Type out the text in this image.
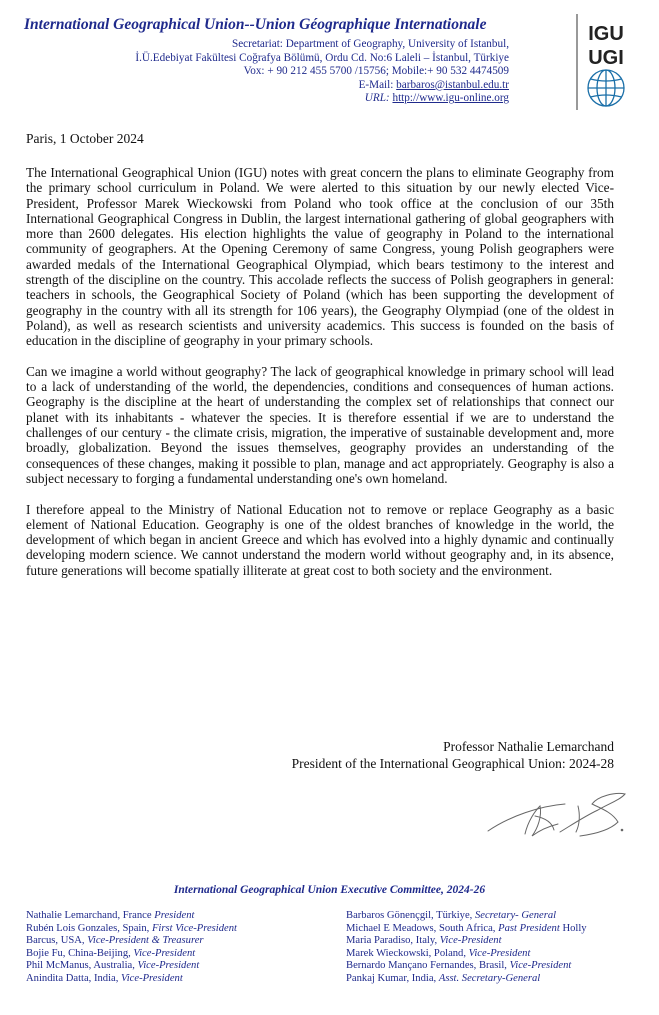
International Geographical Union--Union Géographique Internationale
Secretariat: Department of Geography, University of Istanbul,
İ.Ü.Edebiyat Fakültesi Coğrafya Bölümü, Ordu Cd. No:6 Laleli – İstanbul, Türkiye
Vox: + 90 212 455 5700 /15756; Mobile:+ 90 532 4474509
E-Mail: barbaros@istanbul.edu.tr
URL: http://www.igu-online.org
IGU
UGI
Paris, 1 October 2024

The International Geographical Union (IGU) notes with great concern the plans to eliminate Geography from the primary school curriculum in Poland. We were alerted to this situation by our newly elected Vice-President, Professor Marek Wieckowski from Poland who took office at the conclusion of our 35th International Geographical Congress in Dublin, the largest international gathering of global geographers with more than 2600 delegates. His election highlights the value of geography in Poland to the international community of geographers. At the Opening Ceremony of same Congress, young Polish geographers were awarded medals of the International Geographical Olympiad, which bears testimony to the interest and strength of the discipline on the country. This accolade reflects the success of Polish geographers in general: teachers in schools, the Geographical Society of Poland (which has been supporting the development of geography in the country with all its strength for 106 years), the Geography Olympiad (one of the oldest in Poland), as well as research scientists and university academics. This success is founded on the basis of education in the discipline of geography in your primary schools.

Can we imagine a world without geography? The lack of geographical knowledge in primary school will lead to a lack of understanding of the world, the dependencies, conditions and consequences of human actions. Geography is the discipline at the heart of understanding the complex set of relationships that connect our planet with its inhabitants - whatever the species. It is therefore essential if we are to understand the challenges of our century - the climate crisis, migration, the imperative of sustainable development and, more broadly, globalization. Beyond the issues themselves, geography provides an understanding of the consequences of these changes, making it possible to plan, manage and act appropriately. Geography is also a subject necessary to forging a fundamental understanding one's own homeland.

I therefore appeal to the Ministry of National Education not to remove or replace Geography as a basic element of National Education. Geography is one of the oldest branches of knowledge in the world, the development of which began in ancient Greece and which has evolved into a highly dynamic and continually developing modern science. We cannot understand the modern world without geography and, in its absence, future generations will become spatially illiterate at great cost to both society and the environment.

Professor Nathalie Lemarchand
President of the International Geographical Union: 2024-28
International Geographical Union Executive Committee, 2024-26
Nathalie Lemarchand, France President
Rubén Lois Gonzales, Spain, First Vice-President
Barcus, USA, Vice-President & Treasurer
Bojie Fu, China-Beijing, Vice-President
Phil McManus, Australia, Vice-President
Anindita Datta, India, Vice-President
Barbaros Gönençgil, Türkiye, Secretary- General
Michael E Meadows, South Africa, Past President Holly
Maria Paradiso, Italy, Vice-President
Marek Wieckowski, Poland, Vice-President
Bernardo Mançano Fernandes, Brasil, Vice-President
Pankaj Kumar, India, Asst. Secretary-General
